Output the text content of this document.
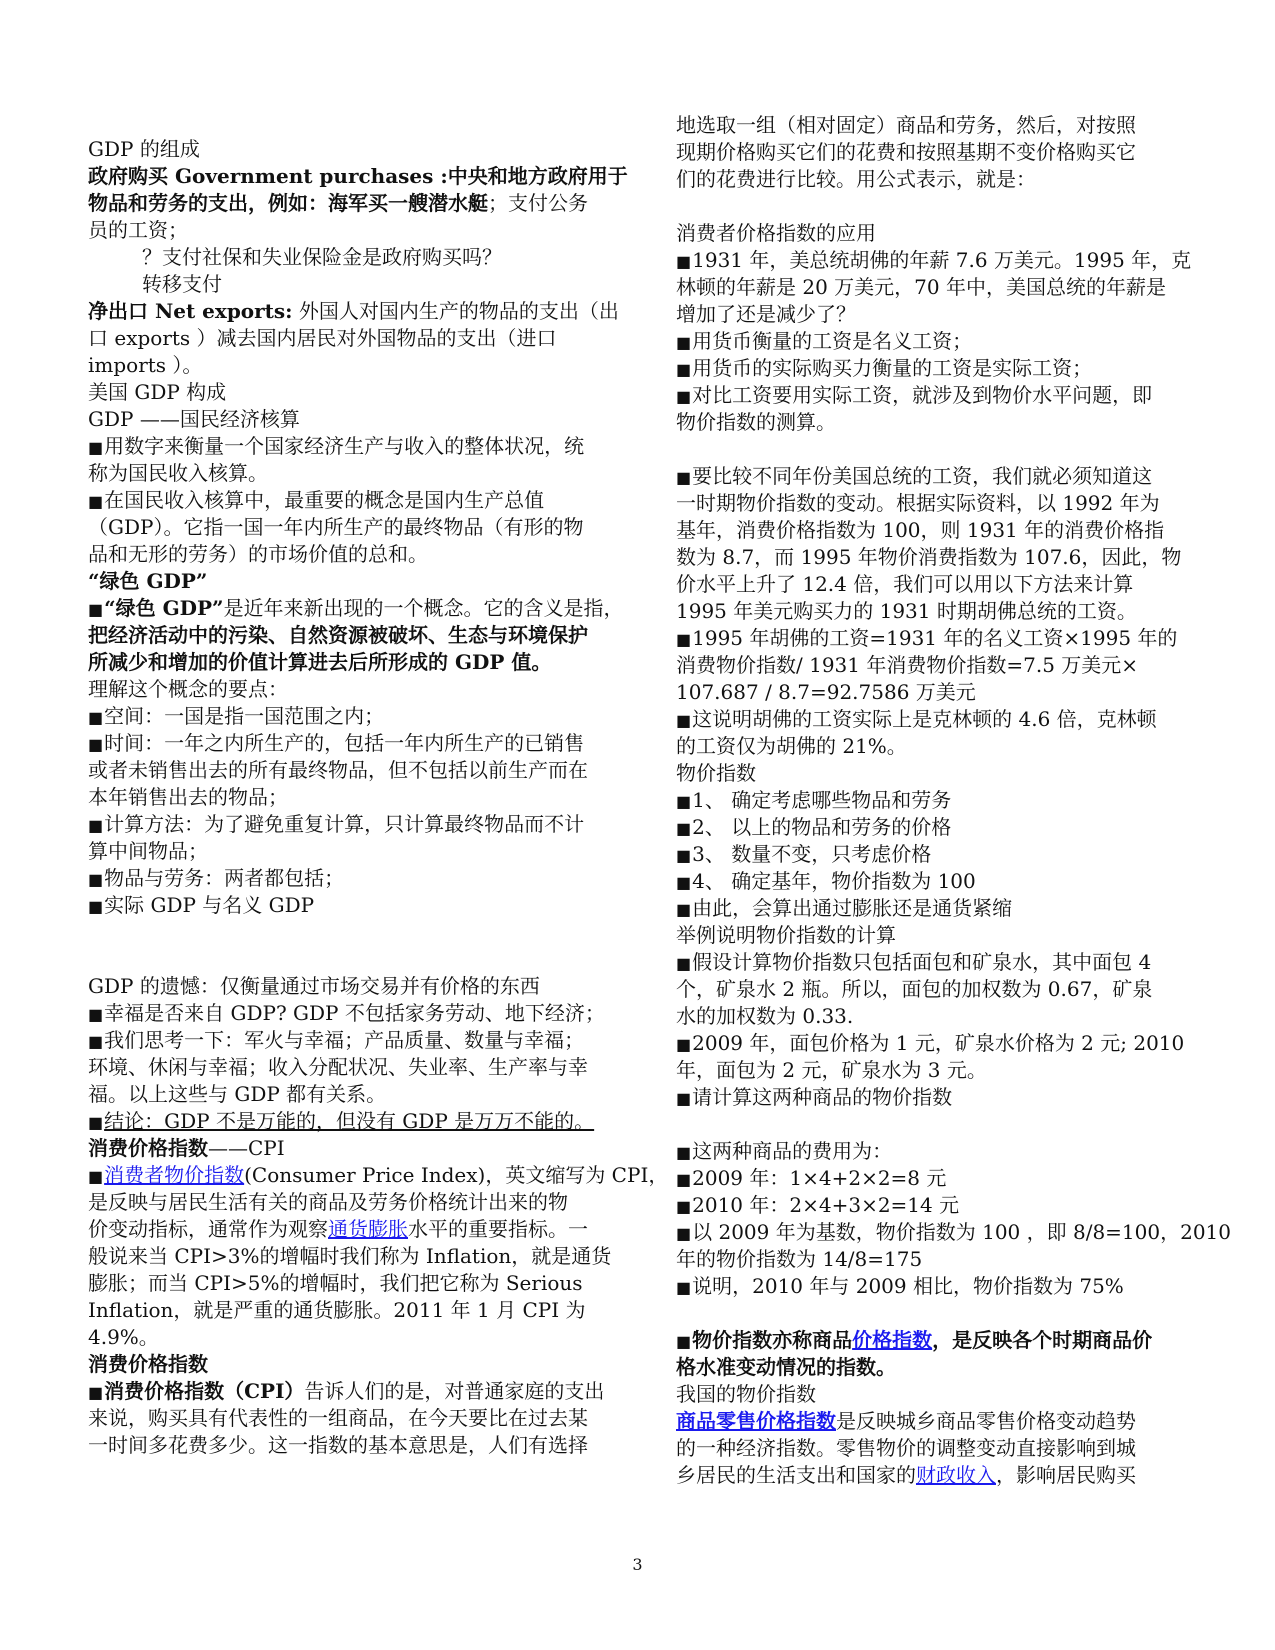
GDP 的组成
政府购买 Government purchases :中央和地方政府用于
物品和劳务的支出，例如：海军买一艘潜水艇；支付公务
员的工资；
？支付社保和失业保险金是政府购买吗？
转移支付
净出口 Net exports: 外国人对国内生产的物品的支出（出
口 exports ）减去国内居民对外国物品的支出（进口
imports ）。
美国 GDP 构成
GDP ——国民经济核算
■用数字来衡量一个国家经济生产与收入的整体状况，统
称为国民收入核算。
■在国民收入核算中，最重要的概念是国内生产总值
（GDP）。它指一国一年内所生产的最终物品（有形的物
品和无形的劳务）的市场价值的总和。
“绿色 GDP”
■“绿色 GDP”是近年来新出现的一个概念。它的含义是指，
把经济活动中的污染、自然资源被破坏、生态与环境保护
所减少和增加的价值计算进去后所形成的 GDP 值。
理解这个概念的要点：
■空间：一国是指一国范围之内；
■时间：一年之内所生产的，包括一年内所生产的已销售
或者未销售出去的所有最终物品，但不包括以前生产而在
本年销售出去的物品；
■计算方法：为了避免重复计算，只计算最终物品而不计
算中间物品；
■物品与劳务：两者都包括；
■实际 GDP 与名义 GDP
GDP 的遗憾：仅衡量通过市场交易并有价格的东西
■幸福是否来自 GDP? GDP 不包括家务劳动、地下经济；
■我们思考一下：军火与幸福；产品质量、数量与幸福；
环境、休闲与幸福；收入分配状况、失业率、生产率与幸
福。以上这些与 GDP 都有关系。
■结论：GDP 不是万能的，但没有 GDP 是万万不能的。
消费价格指数——CPI
■消费者物价指数(Consumer Price Index)，英文缩写为 CPI，
是反映与居民生活有关的商品及劳务价格统计出来的物
价变动指标，通常作为观察通货膨胀水平的重要指标。一
般说来当 CPI>3%的增幅时我们称为 Inflation，就是通货
膨胀；而当 CPI>5%的增幅时，我们把它称为 Serious
Inflation，就是严重的通货膨胀。2011 年 1 月 CPI 为
4.9%。
消费价格指数
■消费价格指数（CPI）告诉人们的是，对普通家庭的支出
来说，购买具有代表性的一组商品，在今天要比在过去某
一时间多花费多少。这一指数的基本意思是，人们有选择
地选取一组（相对固定）商品和劳务，然后，对按照
现期价格购买它们的花费和按照基期不变价格购买它
们的花费进行比较。用公式表示，就是：
消费者价格指数的应用
■1931 年，美总统胡佛的年薪 7.6 万美元。1995 年，克
林顿的年薪是 20 万美元，70 年中，美国总统的年薪是
增加了还是减少了？
■用货币衡量的工资是名义工资；
■用货币的实际购买力衡量的工资是实际工资；
■对比工资要用实际工资，就涉及到物价水平问题，即
物价指数的测算。
■要比较不同年份美国总统的工资，我们就必须知道这
一时期物价指数的变动。根据实际资料，以 1992 年为
基年，消费价格指数为 100，则 1931 年的消费价格指
数为 8.7，而 1995 年物价消费指数为 107.6，因此，物
价水平上升了 12.4 倍，我们可以用以下方法来计算
1995 年美元购买力的 1931 时期胡佛总统的工资。
■1995 年胡佛的工资=1931 年的名义工资×1995 年的
消费物价指数/ 1931 年消费物价指数=7.5 万美元×
107.687 / 8.7=92.7586 万美元
■这说明胡佛的工资实际上是克林顿的 4.6 倍，克林顿
的工资仅为胡佛的 21%。
物价指数
■1、 确定考虑哪些物品和劳务
■2、 以上的物品和劳务的价格
■3、 数量不变，只考虑价格
■4、 确定基年，物价指数为 100
■由此，会算出通过膨胀还是通货紧缩
举例说明物价指数的计算
■假设计算物价指数只包括面包和矿泉水，其中面包 4
个，矿泉水 2 瓶。所以，面包的加权数为 0.67，矿泉
水的加权数为 0.33.
■2009 年，面包价格为 1 元，矿泉水价格为 2 元; 2010
年，面包为 2 元，矿泉水为 3 元。
■请计算这两种商品的物价指数
■这两种商品的费用为：
■2009 年：1×4+2×2=8 元
■2010 年：2×4+3×2=14 元
■以 2009 年为基数，物价指数为 100 ，即 8/8=100，2010
年的物价指数为 14/8=175
■说明，2010 年与 2009 相比，物价指数为 75%
■物价指数亦称商品价格指数，是反映各个时期商品价
格水准变动情况的指数。
我国的物价指数
商品零售价格指数是反映城乡商品零售价格变动趋势
的一种经济指数。零售物价的调整变动直接影响到城
乡居民的生活支出和国家的财政收入，影响居民购买
3
